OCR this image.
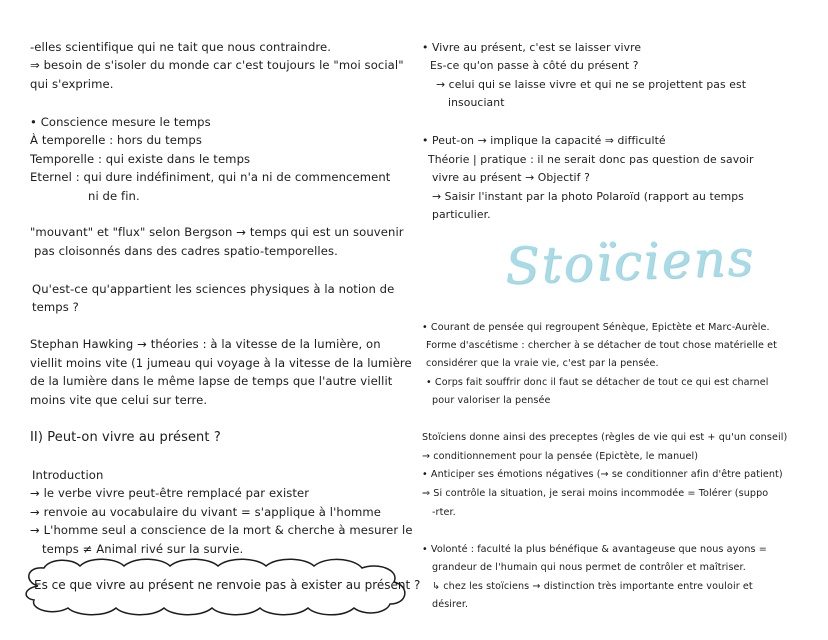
-elles scientifique qui ne tait que nous contraindre.
⇒ besoin de s'isoler du monde car c'est toujours le "moi social"
qui s'exprime.
• Conscience mesure le temps
À temporelle : hors du temps
Temporelle : qui existe dans le temps
Eternel : qui dure indéfiniment, qui n'a ni de commencement
ni de fin.
"mouvant" et "flux" selon Bergson → temps qui est un souvenir
pas cloisonnés dans des cadres spatio-temporelles.
Qu'est-ce qu'appartient les sciences physiques à la notion de
temps ?
Stephan Hawking → théories : à la vitesse de la lumière, on
viellit moins vite (1 jumeau qui voyage à la vitesse de la lumière
de la lumière dans le même lapse de temps que l'autre viellit
moins vite que celui sur terre.
II) Peut-on vivre au présent ?
Introduction
→ le verbe vivre peut-être remplacé par exister
→ renvoie au vocabulaire du vivant = s'applique à l'homme
→ L'homme seul a conscience de la mort & cherche à mesurer le
temps ≠ Animal rivé sur la survie.
Es ce que vivre au présent ne renvoie pas à exister au présent ?
• Vivre au présent, c'est se laisser vivre
Es-ce qu'on passe à côté du présent ?
→ celui qui se laisse vivre et qui ne se projettent pas est
insouciant
• Peut-on → implique la capacité ⇒ difficulté
Théorie | pratique : il ne serait donc pas question de savoir
vivre au présent → Objectif ?
→ Saisir l'instant par la photo Polaroïd (rapport au temps
particulier.
• Courant de pensée qui regroupent Sénèque, Epictète et Marc-Aurèle.
Forme d'ascétisme : chercher à se détacher de tout chose matérielle et
considérer que la vraie vie, c'est par la pensée.
• Corps fait souffrir donc il faut se détacher de tout ce qui est charnel
pour valoriser la pensée
Stoïciens donne ainsi des preceptes (règles de vie qui est + qu'un conseil)
→ conditionnement pour la pensée (Epictète, le manuel)
• Anticiper ses émotions négatives (→ se conditionner afin d'être patient)
⇒ Si contrôle la situation, je serai moins incommodée = Tolérer (suppo
-rter.
• Volonté : faculté la plus bénéfique & avantageuse que nous ayons =
grandeur de l'humain qui nous permet de contrôler et maîtriser.
↳ chez les stoïciens → distinction très importante entre vouloir et
désirer.
Stoïciens
